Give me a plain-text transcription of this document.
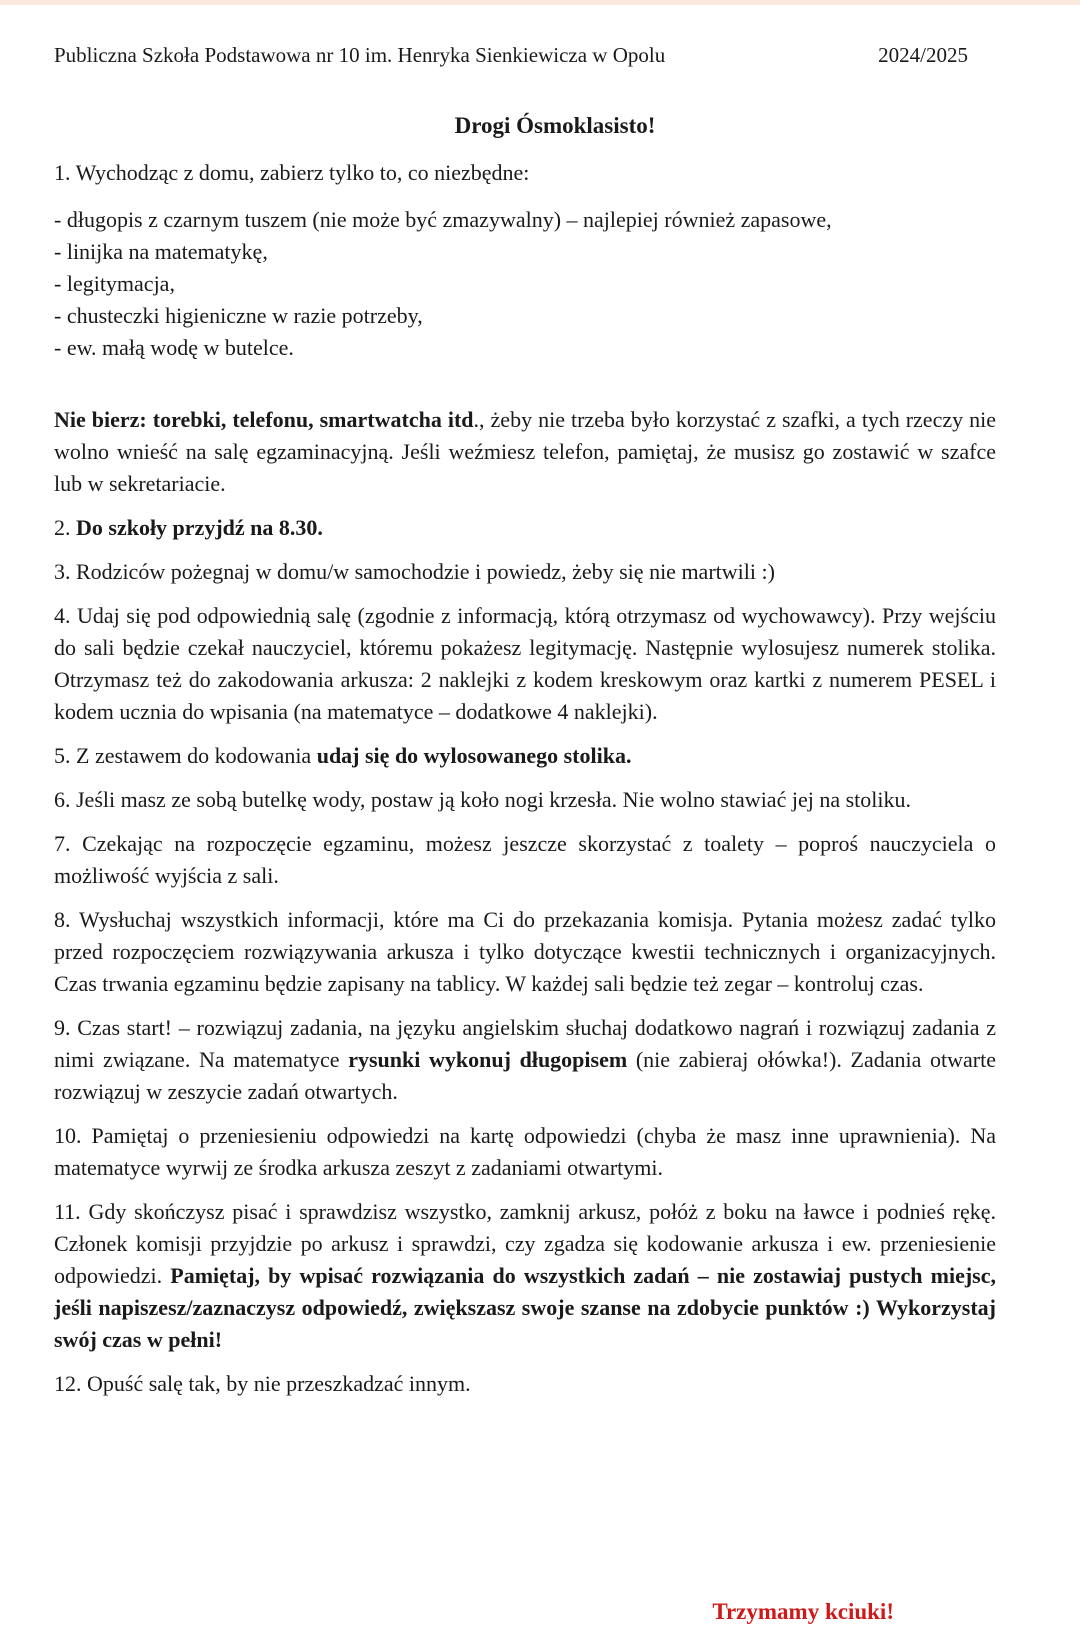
Publiczna Szkoła Podstawowa nr 10 im. Henryka Sienkiewicza w Opolu	2024/2025
Drogi Ósmoklasisto!

1. Wychodząc z domu, zabierz tylko to, co niezbędne:

- długopis z czarnym tuszem (nie może być zmazywalny) – najlepiej również zapasowe,
- linijka na matematykę,
- legitymacja,
- chusteczki higieniczne w razie potrzeby,
- ew. małą wodę w butelce.

Nie bierz: torebki, telefonu, smartwatcha itd., żeby nie trzeba było korzystać z szafki, a tych rzeczy nie wolno wnieść na salę egzaminacyjną. Jeśli weźmiesz telefon, pamiętaj, że musisz go zostawić w szafce lub w sekretariacie.

2. Do szkoły przyjdź na 8.30.

3. Rodziców pożegnaj w domu/w samochodzie i powiedz, żeby się nie martwili :)

4. Udaj się pod odpowiednią salę (zgodnie z informacją, którą otrzymasz od wychowawcy). Przy wejściu do sali będzie czekał nauczyciel, któremu pokażesz legitymację. Następnie wylosujesz numerek stolika. Otrzymasz też do zakodowania arkusza: 2 naklejki z kodem kreskowym oraz kartki z numerem PESEL i kodem ucznia do wpisania (na matematyce – dodatkowe 4 naklejki).

5. Z zestawem do kodowania udaj się do wylosowanego stolika.

6. Jeśli masz ze sobą butelkę wody, postaw ją koło nogi krzesła. Nie wolno stawiać jej na stoliku.

7. Czekając na rozpoczęcie egzaminu, możesz jeszcze skorzystać z toalety – poproś nauczyciela o możliwość wyjścia z sali.

8. Wysłuchaj wszystkich informacji, które ma Ci do przekazania komisja. Pytania możesz zadać tylko przed rozpoczęciem rozwiązywania arkusza i tylko dotyczące kwestii technicznych i organizacyjnych. Czas trwania egzaminu będzie zapisany na tablicy. W każdej sali będzie też zegar – kontroluj czas.

9. Czas start! – rozwiązuj zadania, na języku angielskim słuchaj dodatkowo nagrań i rozwiązuj zadania z nimi związane. Na matematyce rysunki wykonuj długopisem (nie zabieraj ołówka!). Zadania otwarte rozwiązuj w zeszycie zadań otwartych.

10. Pamiętaj o przeniesieniu odpowiedzi na kartę odpowiedzi (chyba że masz inne uprawnienia). Na matematyce wyrwij ze środka arkusza zeszyt z zadaniami otwartymi.

11. Gdy skończysz pisać i sprawdzisz wszystko, zamknij arkusz, połóż z boku na ławce i podnieś rękę. Członek komisji przyjdzie po arkusz i sprawdzi, czy zgadza się kodowanie arkusza i ew. przeniesienie odpowiedzi. Pamiętaj, by wpisać rozwiązania do wszystkich zadań – nie zostawiaj pustych miejsc, jeśli napiszesz/zaznaczysz odpowiedź, zwiększasz swoje szanse na zdobycie punktów :) Wykorzystaj swój czas w pełni!

12. Opuść salę tak, by nie przeszkadzać innym.

Trzymamy kciuki!
